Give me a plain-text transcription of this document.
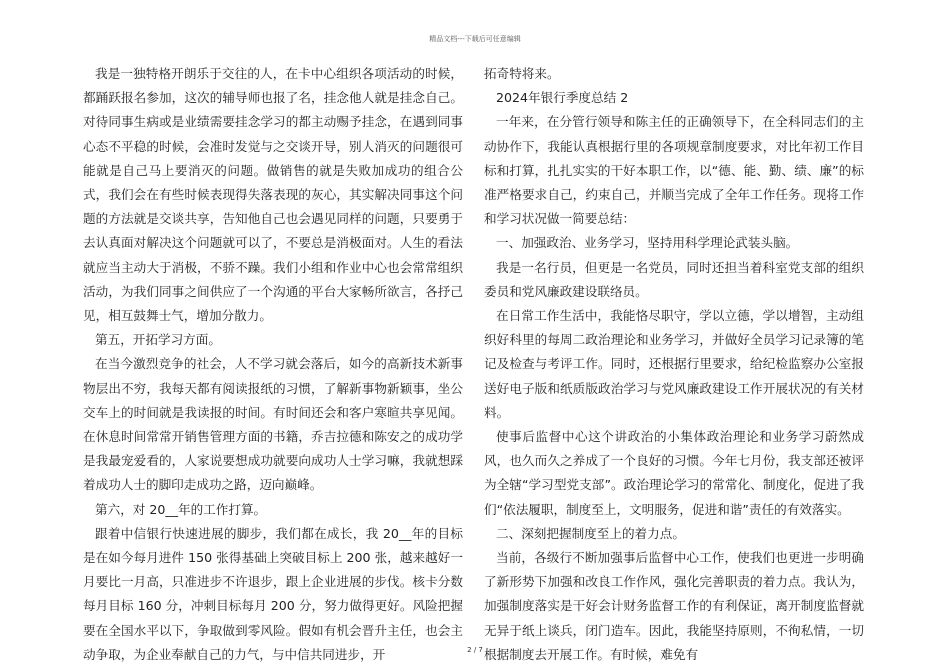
精品文档---下载后可任意编辑

我是一独特格开朗乐于交往的人，在卡中心组织各项活动的时候，都踊跃报名参加，这次的辅导师也报了名，挂念他人就是挂念自己。对待同事生病或是业绩需要挂念学习的都主动赐予挂念，在遇到同事心态不平稳的时候，会准时发觉与之交谈开导，别人消灭的问题很可能就是自己马上要消灭的问题。做销售的就是失败加成功的组合公式，我们会在有些时候表现得失落表现的灰心，其实解决同事这个问题的方法就是交谈共享，告知他自己也会遇见同样的问题，只要勇于去认真面对解决这个问题就可以了，不要总是消极面对。人生的看法就应当主动大于消极，不骄不躁。我们小组和作业中心也会常常组织活动，为我们同事之间供应了一个沟通的平台大家畅所欲言，各抒己见，相互鼓舞士气，增加分散力。

第五，开拓学习方面。

在当今激烈竞争的社会，人不学习就会落后，如今的高新技术新事物层出不穷，我每天都有阅读报纸的习惯，了解新事物新颖事，坐公交车上的时间就是我读报的时间。有时间还会和客户寒暄共享见闻。在休息时间常常开销售管理方面的书籍，乔吉拉德和陈安之的成功学是我最宠爱看的，人家说要想成功就要向成功人士学习嘛，我就想踩着成功人士的脚印走成功之路，迈向巅峰。

第六，对 20__年的工作打算。

跟着中信银行快速进展的脚步，我们都在成长，我 20__年的目标是在如今每月进件 150 张得基础上突破目标上 200 张，越来越好一月要比一月高，只准进步不许退步，跟上企业进展的步伐。核卡分数每月目标 160 分，冲刺目标每月 200 分，努力做得更好。风险把握要在全国水平以下，争取做到零风险。假如有机会晋升主任，也会主动争取，为企业奉献自己的力气，与中信共同进步，开

拓奇特将来。

2024年银行季度总结 2

一年来，在分管行领导和陈主任的正确领导下，在全科同志们的主动协作下，我能认真根据行里的各项规章制度要求，对比年初工作目标和打算，扎扎实实的干好本职工作，以“德、能、勤、绩、廉”的标准严格要求自己，约束自己，并顺当完成了全年工作任务。现将工作和学习状况做一简要总结：

一、加强政治、业务学习，坚持用科学理论武装头脑。

我是一名行员，但更是一名党员，同时还担当着科室党支部的组织委员和党风廉政建设联络员。

在日常工作生活中，我能恪尽职守，学以立德，学以增智，主动组织好科里的每周二政治理论和业务学习，并做好全员学习记录簿的笔记及检查与考评工作。同时，还根据行里要求，给纪检监察办公室报送好电子版和纸质版政治学习与党风廉政建设工作开展状况的有关材料。

使事后监督中心这个讲政治的小集体政治理论和业务学习蔚然成风，也久而久之养成了一个良好的习惯。今年七月份，我支部还被评为全辖“学习型党支部”。政治理论学习的常常化、制度化，促进了我们“依法履职，制度至上，文明服务，促进和谐”责任的有效落实。

二、深刻把握制度至上的着力点。

当前，各级行不断加强事后监督中心工作，使我们也更进一步明确了新形势下加强和改良工作作风，强化完善职责的着力点。我认为，加强制度落实是干好会计财务监督工作的有利保证，离开制度监督就无异于纸上谈兵，闭门造车。因此，我能坚持原则，不徇私情，一切根据制度去开展工作。有时候，难免有

2 / 7
